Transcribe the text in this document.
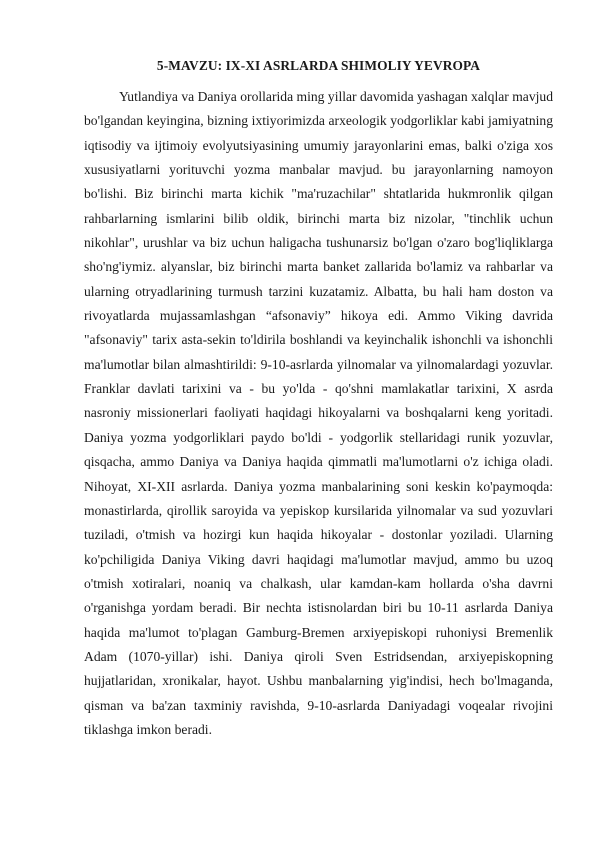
5-MAVZU: IX-XI ASRLARDA SHIMOLIY YEVROPA

Yutlandiya va Daniya orollarida ming yillar davomida yashagan xalqlar mavjud bo'lgandan keyingina, bizning ixtiyorimizda arxeologik yodgorliklar kabi jamiyatning iqtisodiy va ijtimoiy evolyutsiyasining umumiy jarayonlarini emas, balki o'ziga xos xususiyatlarni yorituvchi yozma manbalar mavjud. bu jarayonlarning namoyon bo'lishi. Biz birinchi marta kichik "ma'ruzachilar" shtatlarida hukmronlik qilgan rahbarlarning ismlarini bilib oldik, birinchi marta biz nizolar, "tinchlik uchun nikohlar", urushlar va biz uchun haligacha tushunarsiz bo'lgan o'zaro bog'liqliklarga sho'ng'iymiz. alyanslar, biz birinchi marta banket zallarida bo'lamiz va rahbarlar va ularning otryadlarining turmush tarzini kuzatamiz. Albatta, bu hali ham doston va rivoyatlarda mujassamlashgan “afsonaviy” hikoya edi. Ammo Viking davrida "afsonaviy" tarix asta-sekin to'ldirila boshlandi va keyinchalik ishonchli va ishonchli ma'lumotlar bilan almashtirildi: 9-10-asrlarda yilnomalar va yilnomalardagi yozuvlar. Franklar davlati tarixini va - bu yo'lda - qo'shni mamlakatlar tarixini, X asrda nasroniy missionerlari faoliyati haqidagi hikoyalarni va boshqalarni keng yoritadi. Daniya yozma yodgorliklari paydo bo'ldi - yodgorlik stellaridagi runik yozuvlar, qisqacha, ammo Daniya va Daniya haqida qimmatli ma'lumotlarni o'z ichiga oladi. Nihoyat, XI-XII asrlarda. Daniya yozma manbalarining soni keskin ko'paymoqda: monastirlarda, qirollik saroyida va yepiskop kursilarida yilnomalar va sud yozuvlari tuziladi, o'tmish va hozirgi kun haqida hikoyalar - dostonlar yoziladi. Ularning ko'pchiligida Daniya Viking davri haqidagi ma'lumotlar mavjud, ammo bu uzoq o'tmish xotiralari, noaniq va chalkash, ular kamdan-kam hollarda o'sha davrni o'rganishga yordam beradi. Bir nechta istisnolardan biri bu 10-11 asrlarda Daniya haqida ma'lumot to'plagan Gamburg-Bremen arxiyepiskopi ruhoniysi Bremenlik Adam (1070-yillar) ishi. Daniya qiroli Sven Estridsendan, arxiyepiskopning hujjatlaridan, xronikalar, hayot. Ushbu manbalarning yig'indisi, hech bo'lmaganda, qisman va ba'zan taxminiy ravishda, 9-10-asrlarda Daniyadagi voqealar rivojini tiklashga imkon beradi.
